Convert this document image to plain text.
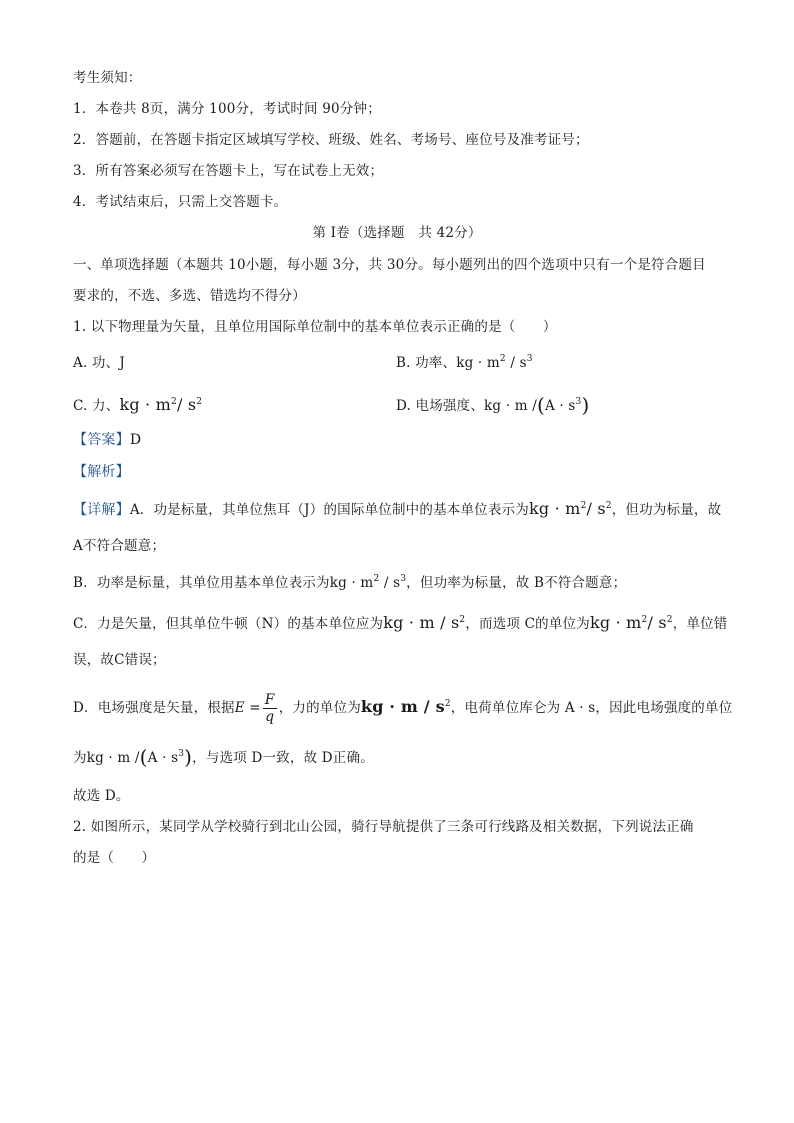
考生须知：
1．本卷共 8页，满分 100分，考试时间 90分钟；
2．答题前，在答题卡指定区域填写学校、班级、姓名、考场号、座位号及准考证号；
3．所有答案必须写在答题卡上，写在试卷上无效；
4．考试结束后，只需上交答题卡。
第 I卷（选择题　共 42分）
一、单项选择题（本题共 10小题，每小题 3分，共 30分。每小题列出的四个选项中只有一个是符合题目
要求的，不选、多选、错选均不得分）
1. 以下物理量为矢量，且单位用国际单位制中的基本单位表示正确的是（　　）
A. 功、J	B. 功率、kg · $m^2 / s^3$
C. 力、kg · $m^2/$ $s^2$	D. 电场强度、kg · m $/(A \cdot s^3)$
【答案】D
【解析】
【详解】A．功是标量，其单位焦耳（J）的国际单位制中的基本单位表示为kg · $m^2/$ $s^2$，但功为标量，故
A不符合题意；
B．功率是标量，其单位用基本单位表示为kg · $m^2 / s^3$，但功率为标量，故 B不符合题意；
C．力是矢量，但其单位牛顿（N）的基本单位应为kg · m / $s^2$，而选项 C的单位为kg · $m^2/$ $s^2$，单位错
误，故C错误；
D．电场强度是矢量，根据$E = \frac{F}{q}$ ，力的单位为kg · m / $s^2$，电荷单位库仑为 A · s，因此电场强度的单位
为kg · m $/(A \cdot s^3)$，与选项 D一致，故 D正确。
故选 D。
2. 如图所示，某同学从学校骑行到北山公园，骑行导航提供了三条可行线路及相关数据，下列说法正确
的是（　　）
